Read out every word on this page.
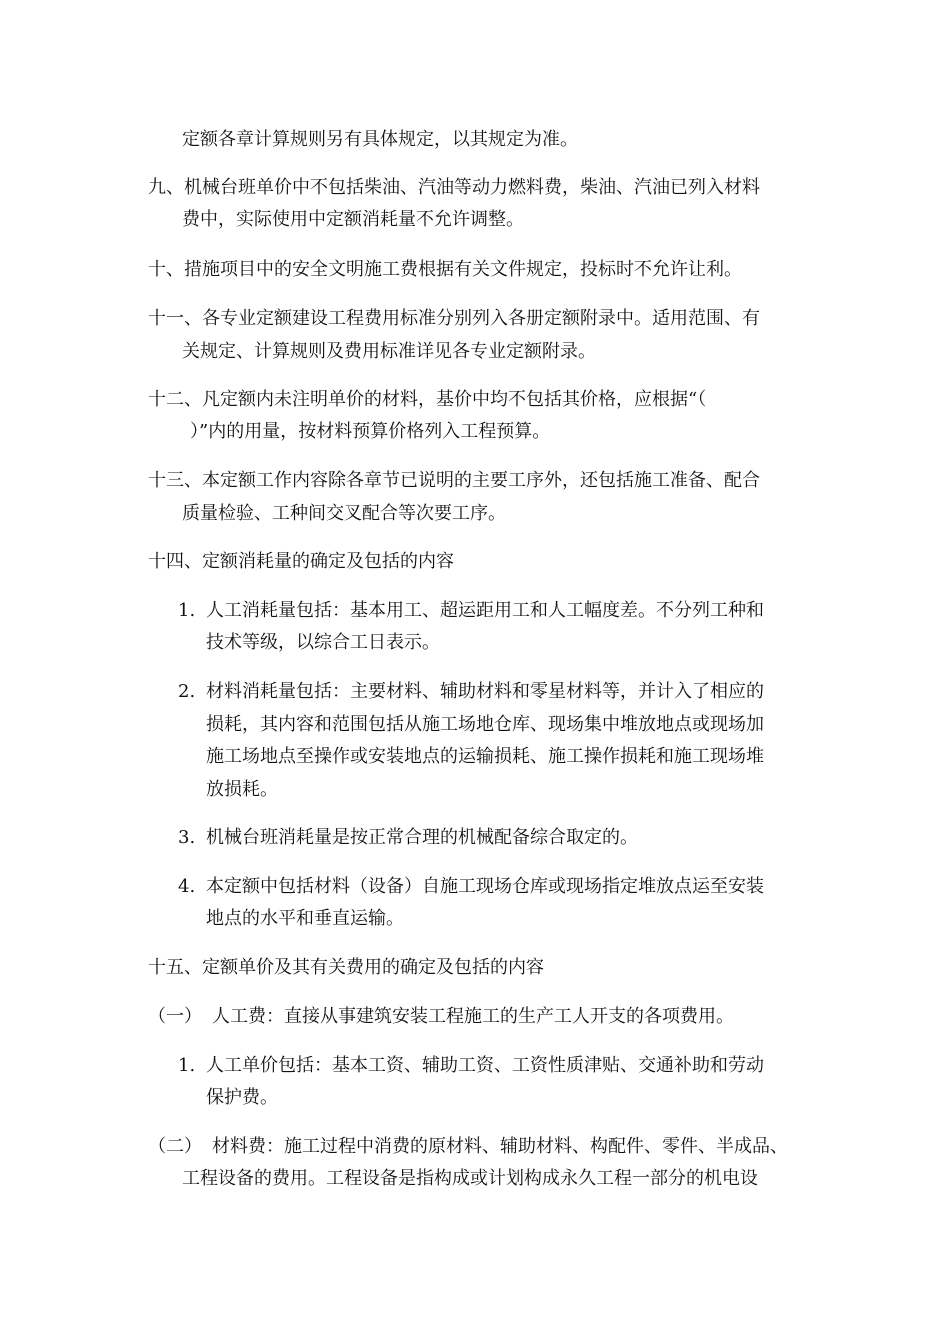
定额各章计算规则另有具体规定，以其规定为准。
九、机械台班单价中不包括柴油、汽油等动力燃料费，柴油、汽油已列入材料
费中，实际使用中定额消耗量不允许调整。
十、措施项目中的安全文明施工费根据有关文件规定，投标时不允许让利。
十一、各专业定额建设工程费用标准分别列入各册定额附录中。适用范围、有
关规定、计算规则及费用标准详见各专业定额附录。
十二、凡定额内未注明单价的材料，基价中均不包括其价格，应根据“（
）”内的用量，按材料预算价格列入工程预算。
十三、本定额工作内容除各章节已说明的主要工序外，还包括施工准备、配合
质量检验、工种间交叉配合等次要工序。
十四、定额消耗量的确定及包括的内容
1. 人工消耗量包括：基本用工、超运距用工和人工幅度差。不分列工种和
技术等级，以综合工日表示。
2. 材料消耗量包括：主要材料、辅助材料和零星材料等，并计入了相应的
损耗，其内容和范围包括从施工场地仓库、现场集中堆放地点或现场加
施工场地点至操作或安装地点的运输损耗、施工操作损耗和施工现场堆
放损耗。
3. 机械台班消耗量是按正常合理的机械配备综合取定的。
4. 本定额中包括材料（设备）自施工现场仓库或现场指定堆放点运至安装
地点的水平和垂直运输。
十五、定额单价及其有关费用的确定及包括的内容
（一） 人工费：直接从事建筑安装工程施工的生产工人开支的各项费用。
1. 人工单价包括：基本工资、辅助工资、工资性质津贴、交通补助和劳动
保护费。
（二） 材料费：施工过程中消费的原材料、辅助材料、构配件、零件、半成品、
工程设备的费用。工程设备是指构成或计划构成永久工程一部分的机电设
